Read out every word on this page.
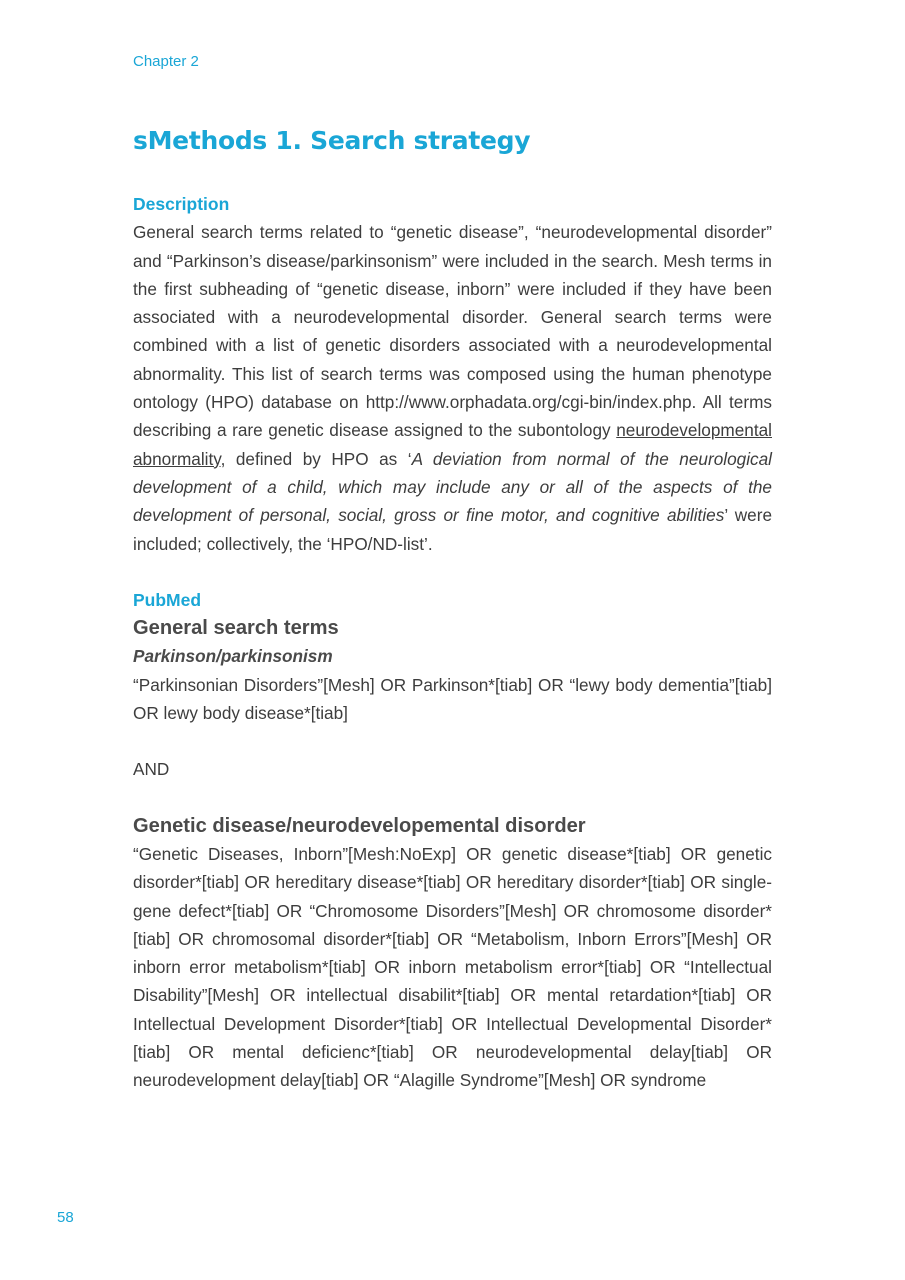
Chapter 2
sMethods 1. Search strategy
Description

General search terms related to “genetic disease”, “neurodevelopmental disorder” and “Parkinson’s disease/parkinsonism” were included in the search. Mesh terms in the first subheading of “genetic disease, inborn” were included if they have been associated with a neurodevelopmental disorder. General search terms were combined with a list of genetic disorders associated with a neurodevelopmental abnormality. This list of search terms was composed using the human phenotype ontology (HPO) database on http://www.orphadata.org/cgi-bin/index.php. All terms describing a rare genetic disease assigned to the subontology neurodevelopmental abnormality, defined by HPO as ‘A deviation from normal of the neurological development of a child, which may include any or all of the aspects of the development of personal, social, gross or fine motor, and cognitive abilities’ were included; collectively, the ‘HPO/ND-list’.

PubMed
General search terms
Parkinson/parkinsonism

“Parkinsonian Disorders”[Mesh] OR Parkinson*[tiab] OR “lewy body dementia”[tiab] OR lewy body disease*[tiab]

AND

Genetic disease/neurodevelopemental disorder

“Genetic Diseases, Inborn”[Mesh:NoExp] OR genetic disease*[tiab] OR genetic disorder*[tiab] OR hereditary disease*[tiab] OR hereditary disorder*[tiab] OR single-gene defect*[tiab] OR “Chromosome Disorders”[Mesh] OR chromosome disorder*[tiab] OR chromosomal disorder*[tiab] OR “Metabolism, Inborn Errors”[Mesh] OR inborn error metabolism*[tiab] OR inborn metabolism error*[tiab] OR “Intellectual Disability”[Mesh] OR intellectual disabilit*[tiab] OR mental retardation*[tiab] OR Intellectual Development Disorder*[tiab] OR Intellectual Developmental Disorder*[tiab] OR mental deficienc*[tiab] OR neurodevelopmental delay[tiab] OR neurodevelopment delay[tiab] OR “Alagille Syndrome”[Mesh] OR syndrome

58
